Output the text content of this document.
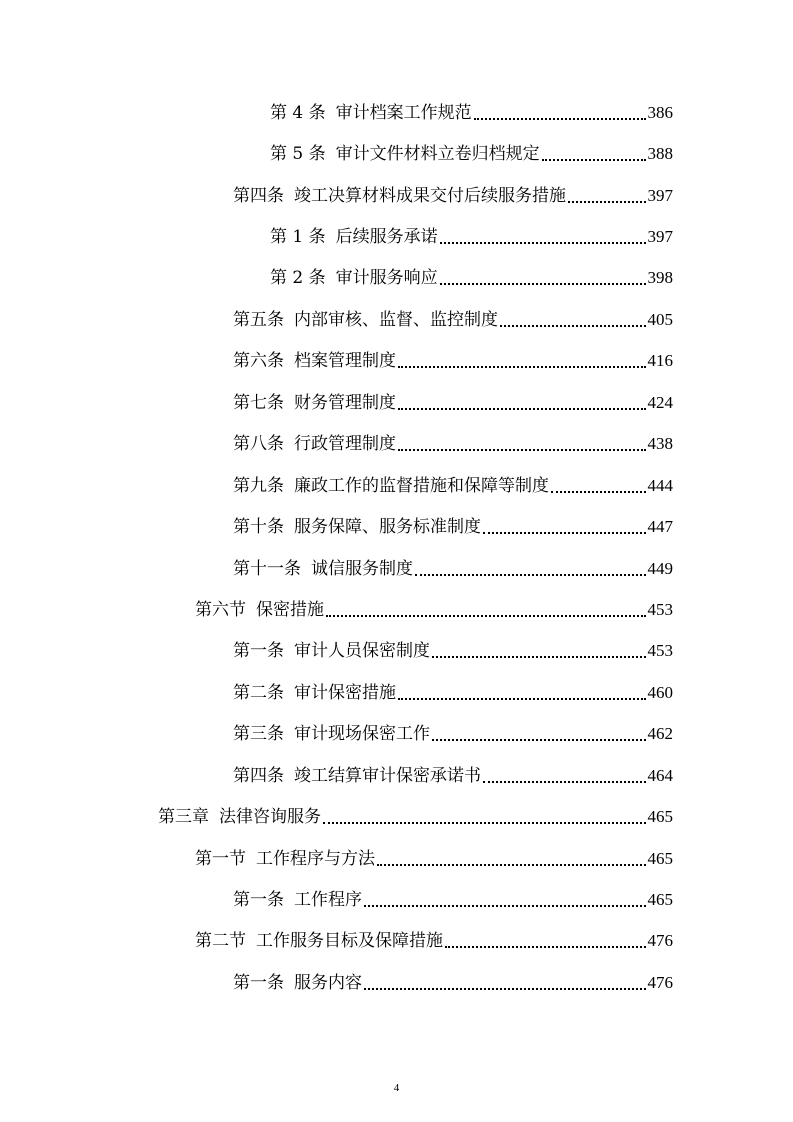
第 4 条 审计档案工作规范	386
第 5 条 审计文件材料立卷归档规定	388
第四条 竣工决算材料成果交付后续服务措施	397
第 1 条 后续服务承诺	397
第 2 条 审计服务响应	398
第五条 内部审核、监督、监控制度	405
第六条 档案管理制度	416
第七条 财务管理制度	424
第八条 行政管理制度	438
第九条 廉政工作的监督措施和保障等制度	444
第十条 服务保障、服务标准制度	447
第十一条 诚信服务制度	449
第六节 保密措施	453
第一条 审计人员保密制度	453
第二条 审计保密措施	460
第三条 审计现场保密工作	462
第四条 竣工结算审计保密承诺书	464
第三章 法律咨询服务	465
第一节 工作程序与方法	465
第一条 工作程序	465
第二节 工作服务目标及保障措施	476
第一条 服务内容	476
4
